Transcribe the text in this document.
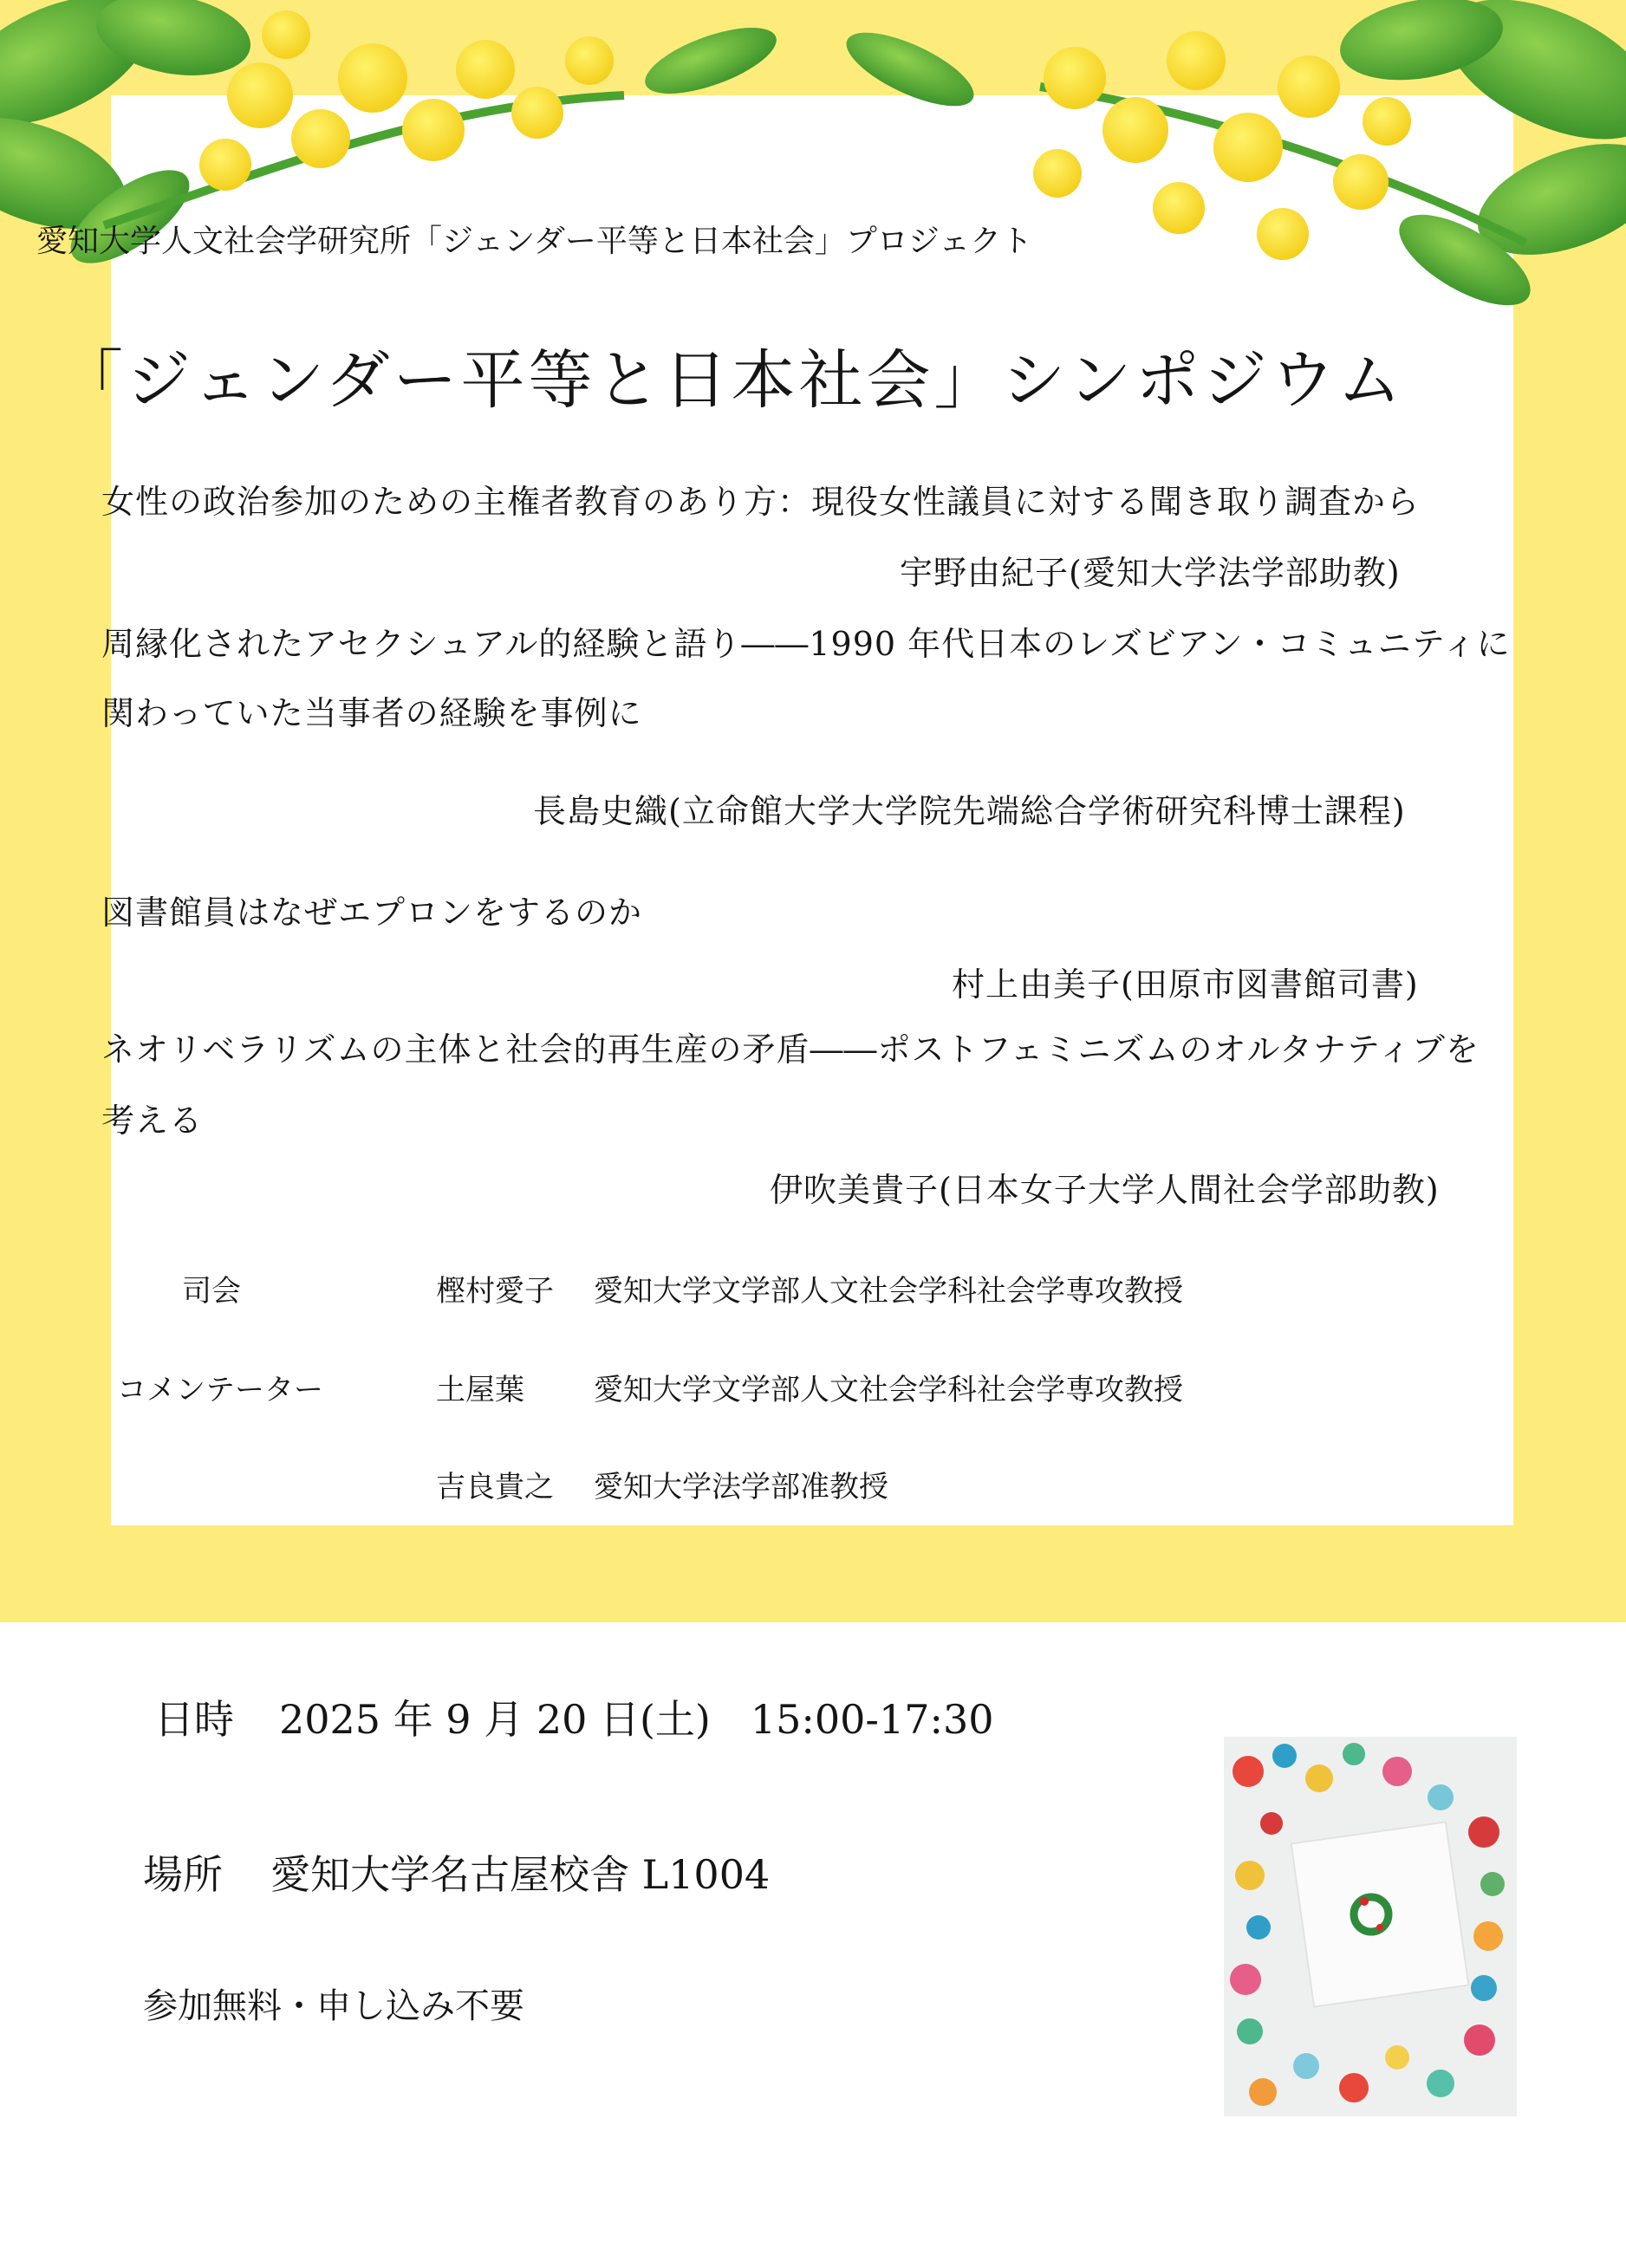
愛知大学人文社会学研究所「ジェンダー平等と日本社会」プロジェクト

「ジェンダー平等と日本社会」シンポジウム

女性の政治参加のための主権者教育のあり方：現役女性議員に対する聞き取り調査から

宇野由紀子(愛知大学法学部助教)

周縁化されたアセクシュアル的経験と語り――1990 年代日本のレズビアン・コミュニティに

関わっていた当事者の経験を事例に

長島史織(立命館大学大学院先端総合学術研究科博士課程)

図書館員はなぜエプロンをするのか

村上由美子(田原市図書館司書)

ネオリベラリズムの主体と社会的再生産の矛盾――ポストフェミニズムのオルタナティブを

考える

伊吹美貴子(日本女子大学人間社会学部助教)

司会	樫村愛子 愛知大学文学部人文社会学科社会学専攻教授

コメンテーター	土屋葉 愛知大学文学部人文社会学科社会学専攻教授

吉良貴之 愛知大学法学部准教授

日時 2025 年 9 月 20 日(土)　15:00-17:30

場所 愛知大学名古屋校舎 L1004

参加無料・申し込み不要
